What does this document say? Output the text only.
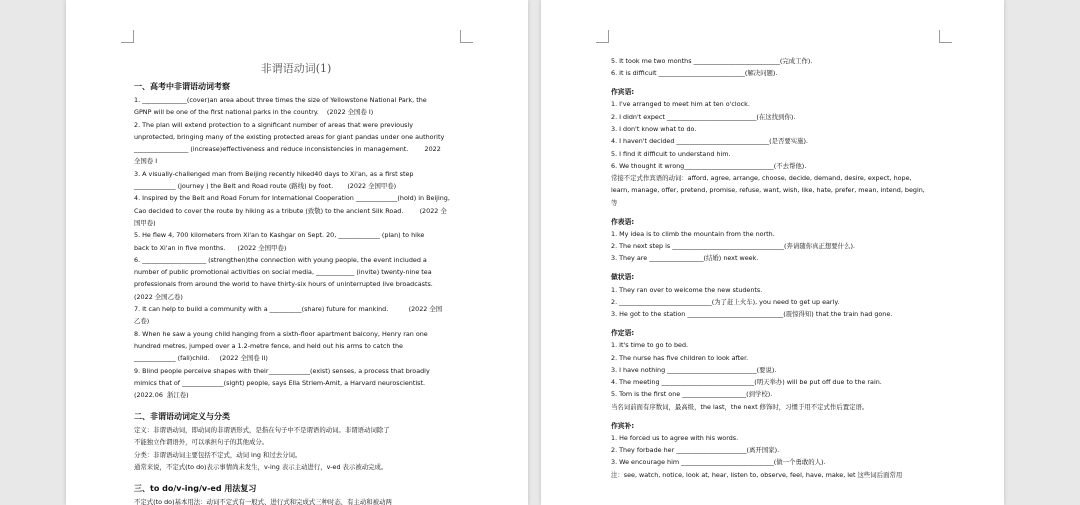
非谓语动词(1)
一、高考中非谓语动词考察
1. ______________(cover)an area about three times the size of Yellowstone National Park, the
GPNP will be one of the first national parks in the country.    (2022 全国卷 I)
2. The plan will extend protection to a significant number of areas that were previously
unprotected, bringing many of the existing protected areas for giant pandas under one authority
_________________ (increase)effectiveness and reduce inconsistencies in management.        2022
全国卷 I
3. A visually-challenged man from Beijing recently hiked40 days to Xi'an, as a first step
_____________ (journey ) the Belt and Road route (路线) by foot.       (2022 全国甲卷)
4. Inspired by the Belt and Road Forum for International Cooperation _____________(hold) in Beijing,
Cao decided to cover the route by hiking as a tribute (致敬) to the ancient Silk Road.        (2022 全
国甲卷)
5. He flew 4, 700 kilometers from Xi'an to Kashgar on Sept. 20, _____________ (plan) to hike
back to Xi'an in five months.      (2022 全国甲卷)
6. ____________________ (strengthen)the connection with young people, the event included a
number of public promotional activities on social media, ____________ (invite) twenty-nine tea
professionals from around the world to have thirty-six hours of uninterrupted live broadcasts.
(2022 全国乙卷)
7. It can help to build a community with a __________(share) future for mankind.          (2022 全国
乙卷)
8. When he saw a young child hanging from a sixth-floor apartment balcony, Henry ran one
hundred metres, jumped over a 1.2-metre fence, and held out his arms to catch the
_____________ (fall)child.     (2022 全国卷 II)
9. Blind people perceive shapes with their_____________(exist) senses, a process that broadly
mimics that of _____________(sight) people, says Ella Striem-Amit, a Harvard neuroscientist.
(2022.06  浙江卷)
二、非谓语动词定义与分类
定义：非谓语动词，即动词的非谓语形式，是指在句子中不是谓语的动词。非谓语动词除了
不能独立作谓语外，可以承担句子的其他成分。
分类：非谓语动词主要包括不定式，动词 ing 和过去分词。
通常来说，不定式(to do)表示事情尚未发生，v-ing 表示主动进行，v-ed 表示被动完成。
三、to do/v-ing/v-ed 用法复习
不定式(to do)基本用法：动词不定式有一般式、进行式和完成式三种时态，有主动和被动两
5. It took me two months ___________________________(完成工作).
6. It is difficult ___________________________(解决问题).
作宾语:
1. I've arranged to meet him at ten o'clock.
2. I didn't expect ____________________________(在这找到你).
3. I don't know what to do.
4. I haven't decided _____________________________(是否要实施).
5. I find it difficult to understand him.
6. We thought it wrong____________________________(不去帮他).
常接不定式作宾语的动词：afford, agree, arrange, choose, decide, demand, desire, expect, hope,
learn, manage, offer, pretend, promise, refuse, want, wish, like, hate, prefer, mean, intend, begin,
等
作表语:
1. My idea is to climb the mountain from the north.
2. The next step is ___________________________________(奔请随你真正想要什么).
3. They are _________________(结婚) next week.
做状语:
1. They ran over to welcome the new students.
2. _____________________________(为了赶上火车), you need to get up early.
3. He got to the station ______________________________(震惊得知) that the train had gone.
作定语:
1. It's time to go to bed.
2. The nurse has five children to look after.
3. I have nothing ____________________________(要说).
4. The meeting _____________________________(明天举办) will be put off due to the rain.
5. Tom is the first one ____________________(到学校).
当名词前面有序数词，最高级，the last，the next 修饰时，习惯于用不定式作后置定语。
作宾补:
1. He forced us to agree with his words.
2. They forbade her ______________________(离开国家).
3. We encourage him _____________________________(做一个勇敢的人).
注：see, watch, notice, look at, hear, listen to, observe, feel, have, make, let 这些词后面常用
